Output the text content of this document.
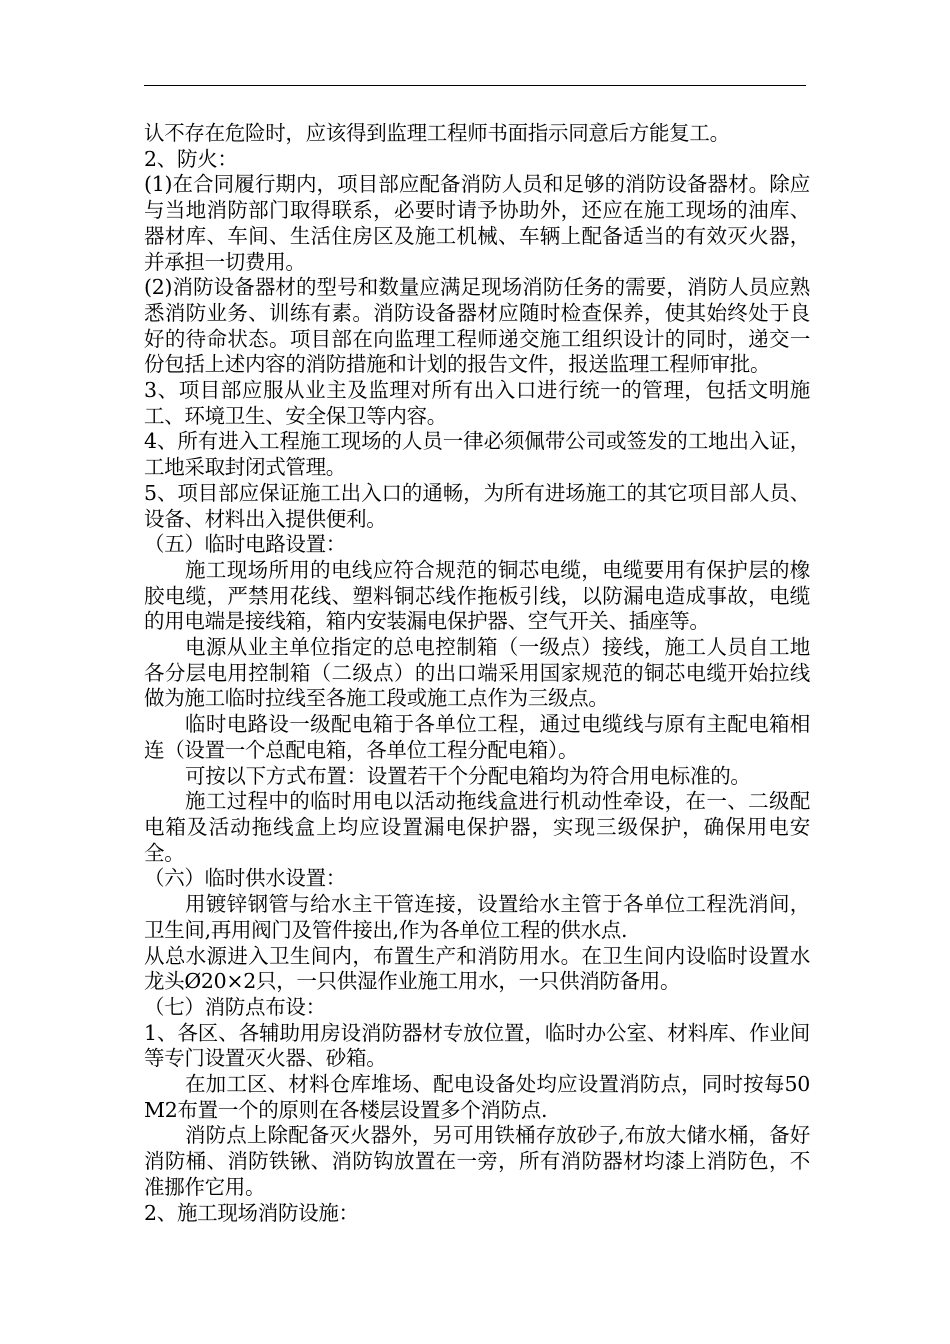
认不存在危险时，应该得到监理工程师书面指示同意后方能复工。

2、防火：

(1)在合同履行期内，项目部应配备消防人员和足够的消防设备器材。除应与当地消防部门取得联系，必要时请予协助外，还应在施工现场的油库、器材库、车间、生活住房区及施工机械、车辆上配备适当的有效灭火器，并承担一切费用。

(2)消防设备器材的型号和数量应满足现场消防任务的需要，消防人员应熟悉消防业务、训练有素。消防设备器材应随时检查保养，使其始终处于良好的待命状态。项目部在向监理工程师递交施工组织设计的同时，递交一份包括上述内容的消防措施和计划的报告文件，报送监理工程师审批。

3、项目部应服从业主及监理对所有出入口进行统一的管理，包括文明施工、环境卫生、安全保卫等内容。

4、所有进入工程施工现场的人员一律必须佩带公司或签发的工地出入证，工地采取封闭式管理。

5、项目部应保证施工出入口的通畅，为所有进场施工的其它项目部人员、设备、材料出入提供便利。

（五）临时电路设置：

施工现场所用的电线应符合规范的铜芯电缆，电缆要用有保护层的橡胶电缆，严禁用花线、塑料铜芯线作拖板引线，以防漏电造成事故，电缆的用电端是接线箱，箱内安装漏电保护器、空气开关、插座等。

电源从业主单位指定的总电控制箱（一级点）接线，施工人员自工地各分层电用控制箱（二级点）的出口端采用国家规范的铜芯电缆开始拉线做为施工临时拉线至各施工段或施工点作为三级点。

临时电路设一级配电箱于各单位工程，通过电缆线与原有主配电箱相连（设置一个总配电箱，各单位工程分配电箱）。

可按以下方式布置：设置若干个分配电箱均为符合用电标准的。

施工过程中的临时用电以活动拖线盒进行机动性牵设，在一、二级配电箱及活动拖线盒上均应设置漏电保护器，实现三级保护，确保用电安全。

（六）临时供水设置：

用镀锌钢管与给水主干管连接，设置给水主管于各单位工程洗消间，卫生间,再用阀门及管件接出,作为各单位工程的供水点.

从总水源进入卫生间内，布置生产和消防用水。在卫生间内设临时设置水龙头Ø20×2只，一只供湿作业施工用水，一只供消防备用。

（七）消防点布设：

1、各区、各辅助用房设消防器材专放位置，临时办公室、材料库、作业间等专门设置灭火器、砂箱。

在加工区、材料仓库堆场、配电设备处均应设置消防点，同时按每50M2布置一个的原则在各楼层设置多个消防点.

消防点上除配备灭火器外，另可用铁桶存放砂子,布放大储水桶，备好消防桶、消防铁锹、消防钩放置在一旁，所有消防器材均漆上消防色，不准挪作它用。

2、施工现场消防设施：
